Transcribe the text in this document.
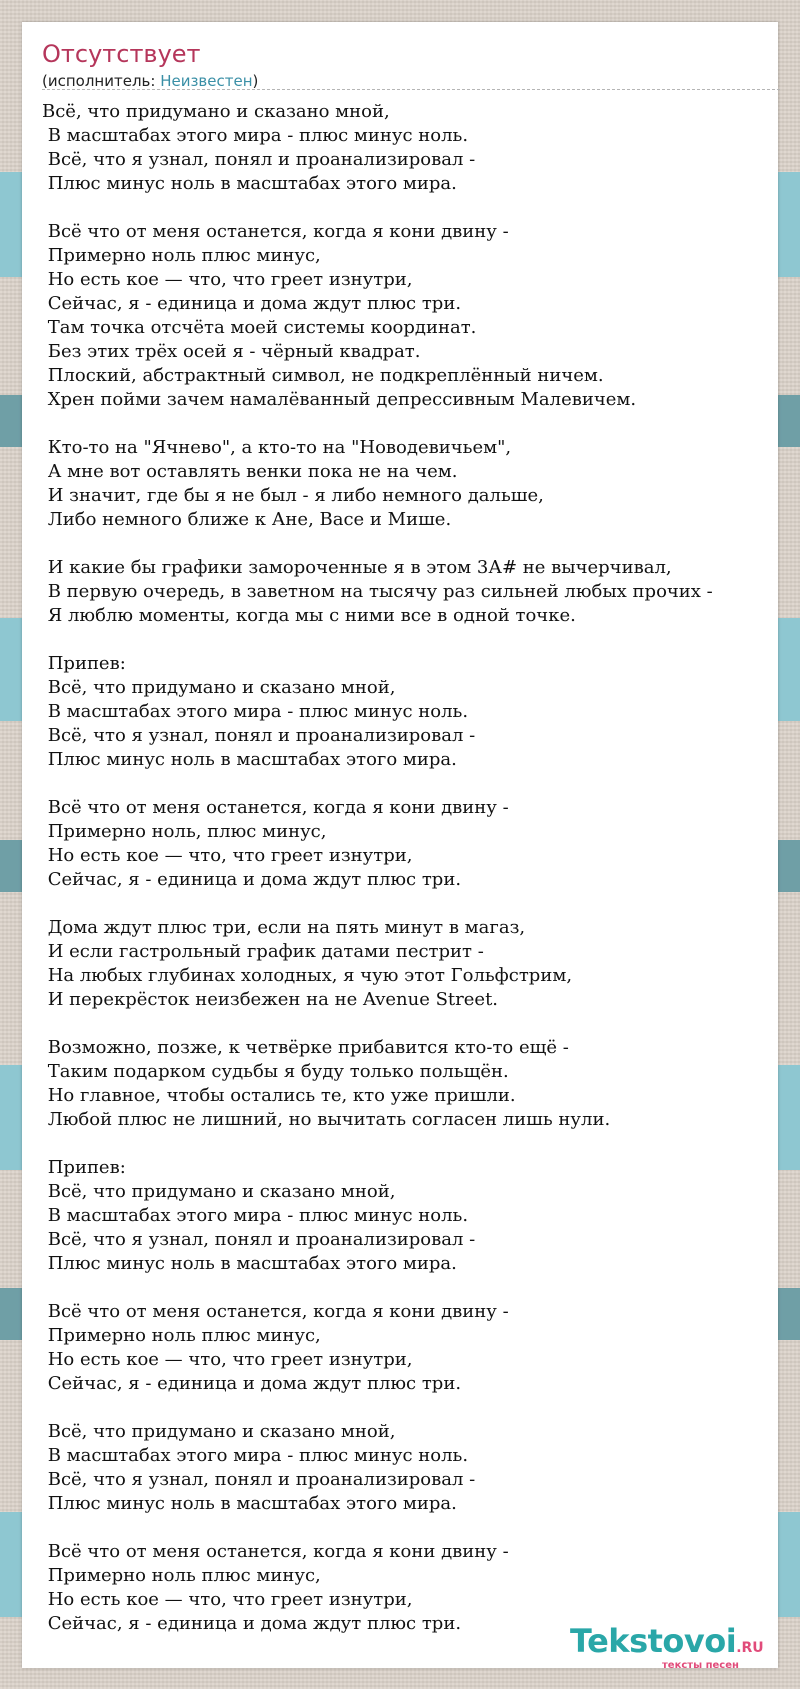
Отсутствует
(исполнитель: Неизвестен)
Всё, что придумано и сказано мной,
В масштабах этого мира - плюс минус ноль.
Всё, что я узнал, понял и проанализировал -
Плюс минус ноль в масштабах этого мира.

Всё что от меня останется, когда я кони двину -
Примерно ноль плюс минус,
Но есть кое — что, что греет изнутри,
Сейчас, я - единица и дома ждут плюс три.
Там точка отсчёта моей системы координат.
Без этих трёх осей я - чёрный квадрат.
Плоский, абстрактный символ, не подкреплённый ничем.
Хрен пойми зачем намалёванный депрессивным Малевичем.

Кто-то на "Ячнево", а кто-то на "Новодевичьем",
А мне вот оставлять венки пока не на чем.
И значит, где бы я не был - я либо немного дальше,
Либо немного ближе к Ане, Васе и Мише.

И какие бы графики замороченные я в этом 3А# не вычерчивал,
В первую очередь, в заветном на тысячу раз сильней любых прочих -
Я люблю моменты, когда мы с ними все в одной точке.

Припев:
Всё, что придумано и сказано мной,
В масштабах этого мира - плюс минус ноль.
Всё, что я узнал, понял и проанализировал -
Плюс минус ноль в масштабах этого мира.

Всё что от меня останется, когда я кони двину -
Примерно ноль, плюс минус,
Но есть кое — что, что греет изнутри,
Сейчас, я - единица и дома ждут плюс три.

Дома ждут плюс три, если на пять минут в магаз,
И если гастрольный график датами пестрит -
На любых глубинах холодных, я чую этот Гольфстрим,
И перекрёсток неизбежен на не Avenue Street.

Возможно, позже, к четвёрке прибавится кто-то ещё -
Таким подарком судьбы я буду только польщён.
Но главное, чтобы остались те, кто уже пришли.
Любой плюс не лишний, но вычитать согласен лишь нули.

Припев:
Всё, что придумано и сказано мной,
В масштабах этого мира - плюс минус ноль.
Всё, что я узнал, понял и проанализировал -
Плюс минус ноль в масштабах этого мира.

Всё что от меня останется, когда я кони двину -
Примерно ноль плюс минус,
Но есть кое — что, что греет изнутри,
Сейчас, я - единица и дома ждут плюс три.

Всё, что придумано и сказано мной,
В масштабах этого мира - плюс минус ноль.
Всё, что я узнал, понял и проанализировал -
Плюс минус ноль в масштабах этого мира.

Всё что от меня останется, когда я кони двину -
Примерно ноль плюс минус,
Но есть кое — что, что греет изнутри,
Сейчас, я - единица и дома ждут плюс три.	Tekstovoi.RU
тексты песен
